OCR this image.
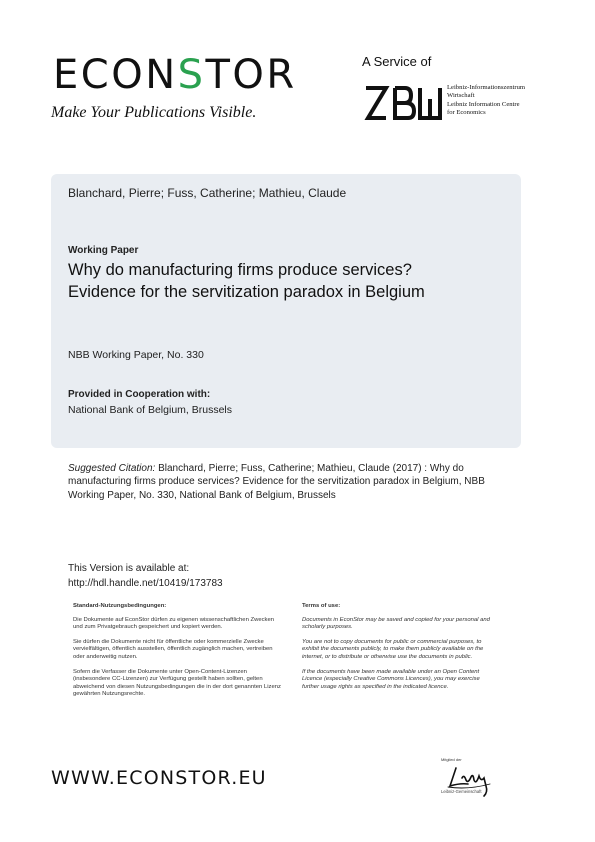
ECONSTOR
Make Your Publications Visible.
A Service of
Leibniz-Informationszentrum
Wirtschaft
Leibniz Information Centre
for Economics
Blanchard, Pierre; Fuss, Catherine; Mathieu, Claude
Working Paper
Why do manufacturing firms produce services?
Evidence for the servitization paradox in Belgium
NBB Working Paper, No. 330
Provided in Cooperation with:
National Bank of Belgium, Brussels
Suggested Citation: Blanchard, Pierre; Fuss, Catherine; Mathieu, Claude (2017) : Why do manufacturing firms produce services? Evidence for the servitization paradox in Belgium, NBB Working Paper, No. 330, National Bank of Belgium, Brussels
This Version is available at:
http://hdl.handle.net/10419/173783
Standard-Nutzungsbedingungen:

Die Dokumente auf EconStor dürfen zu eigenen wissenschaftlichen Zwecken und zum Privatgebrauch gespeichert und kopiert werden.

Sie dürfen die Dokumente nicht für öffentliche oder kommerzielle Zwecke vervielfältigen, öffentlich ausstellen, öffentlich zugänglich machen, vertreiben oder anderweitig nutzen.

Sofern die Verfasser die Dokumente unter Open-Content-Lizenzen (insbesondere CC-Lizenzen) zur Verfügung gestellt haben sollten, gelten abweichend von diesen Nutzungsbedingungen die in der dort genannten Lizenz gewährten Nutzungsrechte.

Terms of use:

Documents in EconStor may be saved and copied for your personal and scholarly purposes.

You are not to copy documents for public or commercial purposes, to exhibit the documents publicly, to make them publicly available on the internet, or to distribute or otherwise use the documents in public.

If the documents have been made available under an Open Content Licence (especially Creative Commons Licences), you may exercise further usage rights as specified in the indicated licence.

WWW.ECONSTOR.EU
Mitglied der
Leibniz-Gemeinschaft
